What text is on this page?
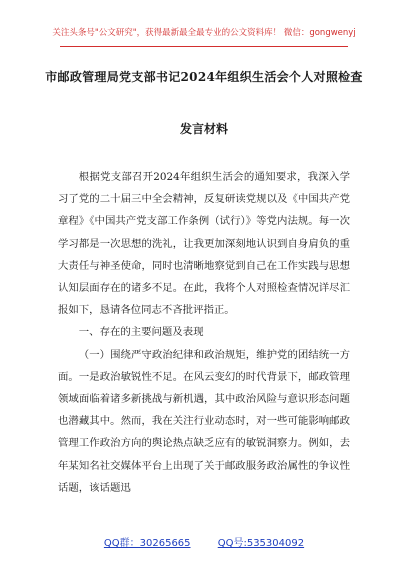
关注头条号"公文研究"，获得最新最全最专业的公文资料库！ 微信：gongwenyj
市邮政管理局党支部书记2024年组织生活会个人对照检查
发言材料

根据党支部召开2024年组织生活会的通知要求，我深入学习了党的二十届三中全会精神，反复研读党规以及《中国共产党章程》《中国共产党支部工作条例（试行）》等党内法规。每一次学习都是一次思想的洗礼，让我更加深刻地认识到自身肩负的重大责任与神圣使命，同时也清晰地察觉到自己在工作实践与思想认知层面存在的诸多不足。在此，我将个人对照检查情况详尽汇报如下，恳请各位同志不吝批评指正。

一、存在的主要问题及表现

（一）围绕严守政治纪律和政治规矩，维护党的团结统一方面。一是政治敏锐性不足。在风云变幻的时代背景下，邮政管理领域面临着诸多新挑战与新机遇，其中政治风险与意识形态问题也潜藏其中。然而，我在关注行业动态时，对一些可能影响邮政管理工作政治方向的舆论热点缺乏应有的敏锐洞察力。例如，去年某知名社交媒体平台上出现了关于邮政服务政治属性的争议性话题，该话题迅

QQ群：30265665	QQ号:535304092
